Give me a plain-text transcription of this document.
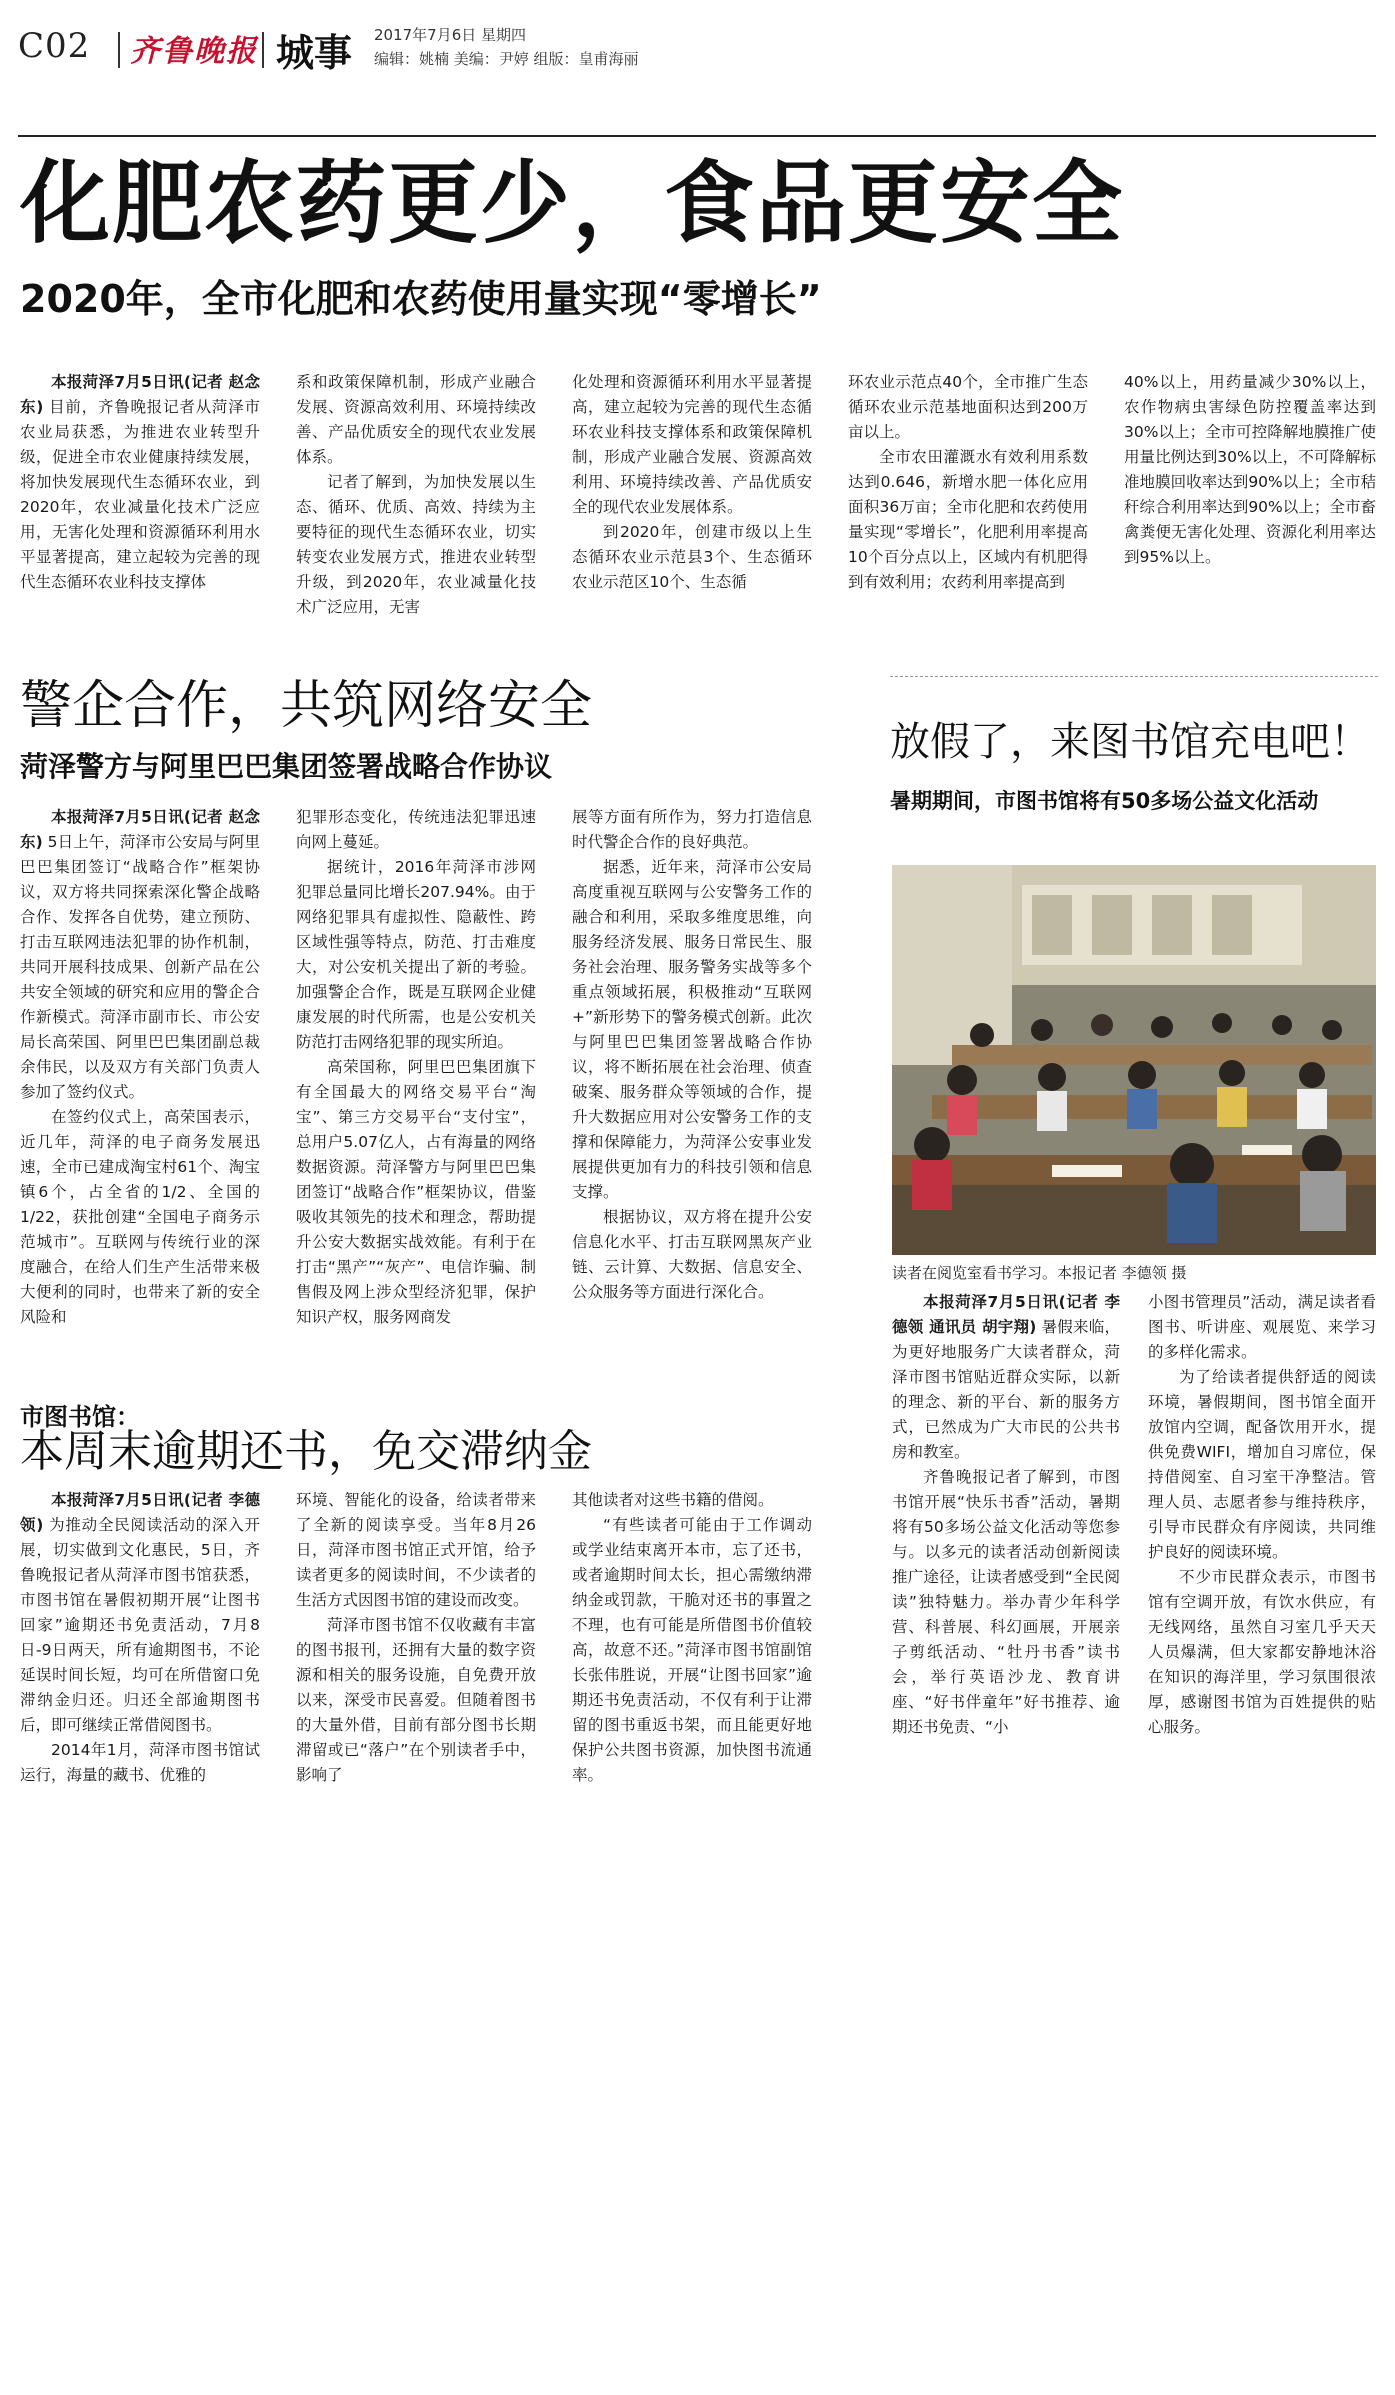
C02 齐鲁晚报 城事 2017年7月6日 星期四
编辑：姚楠 美编：尹婷 组版：皇甫海丽
化肥农药更少，食品更安全
2020年，全市化肥和农药使用量实现“零增长”

本报菏泽7月5日讯(记者 赵念东) 目前，齐鲁晚报记者从菏泽市农业局获悉，为推进农业转型升级，促进全市农业健康持续发展，将加快发展现代生态循环农业，到2020年，农业减量化技术广泛应用，无害化处理和资源循环利用水平显著提高，建立起较为完善的现代生态循环农业科技支撑体

系和政策保障机制，形成产业融合发展、资源高效利用、环境持续改善、产品优质安全的现代农业发展体系。

记者了解到，为加快发展以生态、循环、优质、高效、持续为主要特征的现代生态循环农业，切实转变农业发展方式，推进农业转型升级，到2020年，农业减量化技术广泛应用，无害

化处理和资源循环利用水平显著提高，建立起较为完善的现代生态循环农业科技支撑体系和政策保障机制，形成产业融合发展、资源高效利用、环境持续改善、产品优质安全的现代农业发展体系。

到2020年，创建市级以上生态循环农业示范县3个、生态循环农业示范区10个、生态循

环农业示范点40个，全市推广生态循环农业示范基地面积达到200万亩以上。

全市农田灌溉水有效利用系数达到0.646，新增水肥一体化应用面积36万亩；全市化肥和农药使用量实现“零增长”，化肥利用率提高10个百分点以上，区域内有机肥得到有效利用；农药利用率提高到

40%以上，用药量减少30%以上，农作物病虫害绿色防控覆盖率达到30%以上；全市可控降解地膜推广使用量比例达到30%以上，不可降解标准地膜回收率达到90%以上；全市秸秆综合利用率达到90%以上；全市畜禽粪便无害化处理、资源化利用率达到95%以上。

警企合作，共筑网络安全
菏泽警方与阿里巴巴集团签署战略合作协议

本报菏泽7月5日讯(记者 赵念东) 5日上午，菏泽市公安局与阿里巴巴集团签订“战略合作”框架协议，双方将共同探索深化警企战略合作、发挥各自优势，建立预防、打击互联网违法犯罪的协作机制，共同开展科技成果、创新产品在公共安全领域的研究和应用的警企合作新模式。菏泽市副市长、市公安局长高荣国、阿里巴巴集团副总裁余伟民，以及双方有关部门负责人参加了签约仪式。

在签约仪式上，高荣国表示，近几年，菏泽的电子商务发展迅速，全市已建成淘宝村61个、淘宝镇6个，占全省的1/2、全国的1/22，获批创建“全国电子商务示范城市”。互联网与传统行业的深度融合，在给人们生产生活带来极大便利的同时，也带来了新的安全风险和

犯罪形态变化，传统违法犯罪迅速向网上蔓延。

据统计，2016年菏泽市涉网犯罪总量同比增长207.94%。由于网络犯罪具有虚拟性、隐蔽性、跨区域性强等特点，防范、打击难度大，对公安机关提出了新的考验。加强警企合作，既是互联网企业健康发展的时代所需，也是公安机关防范打击网络犯罪的现实所迫。

高荣国称，阿里巴巴集团旗下有全国最大的网络交易平台“淘宝”、第三方交易平台“支付宝”，总用户5.07亿人，占有海量的网络数据资源。菏泽警方与阿里巴巴集团签订“战略合作”框架协议，借鉴吸收其领先的技术和理念，帮助提升公安大数据实战效能。有利于在打击“黑产”“灰产”、电信诈骗、制售假及网上涉众型经济犯罪，保护知识产权，服务网商发

展等方面有所作为，努力打造信息时代警企合作的良好典范。

据悉，近年来，菏泽市公安局高度重视互联网与公安警务工作的融合和利用，采取多维度思维，向服务经济发展、服务日常民生、服务社会治理、服务警务实战等多个重点领域拓展，积极推动“互联网+”新形势下的警务模式创新。此次与阿里巴巴集团签署战略合作协议，将不断拓展在社会治理、侦查破案、服务群众等领域的合作，提升大数据应用对公安警务工作的支撑和保障能力，为菏泽公安事业发展提供更加有力的科技引领和信息支撑。

根据协议，双方将在提升公安信息化水平、打击互联网黑灰产业链、云计算、大数据、信息安全、公众服务等方面进行深化合。

放假了，来图书馆充电吧！
暑期期间，市图书馆将有50多场公益文化活动
读者在阅览室看书学习。本报记者 李德领 摄

本报菏泽7月5日讯(记者 李德领 通讯员 胡宇翔) 暑假来临，为更好地服务广大读者群众，菏泽市图书馆贴近群众实际，以新的理念、新的平台、新的服务方式，已然成为广大市民的公共书房和教室。

齐鲁晚报记者了解到，市图书馆开展“快乐书香”活动，暑期将有50多场公益文化活动等您参与。以多元的读者活动创新阅读推广途径，让读者感受到“全民阅读”独特魅力。举办青少年科学营、科普展、科幻画展，开展亲子剪纸活动、“牡丹书香”读书会，举行英语沙龙、教育讲座、“好书伴童年”好书推荐、逾期还书免责、“小

小图书管理员”活动，满足读者看图书、听讲座、观展览、来学习的多样化需求。

为了给读者提供舒适的阅读环境，暑假期间，图书馆全面开放馆内空调，配备饮用开水，提供免费WIFI，增加自习席位，保持借阅室、自习室干净整洁。管理人员、志愿者参与维持秩序，引导市民群众有序阅读，共同维护良好的阅读环境。

不少市民群众表示，市图书馆有空调开放，有饮水供应，有无线网络，虽然自习室几乎天天人员爆满，但大家都安静地沐浴在知识的海洋里，学习氛围很浓厚，感谢图书馆为百姓提供的贴心服务。

市图书馆：
本周末逾期还书，免交滞纳金

本报菏泽7月5日讯(记者 李德领) 为推动全民阅读活动的深入开展，切实做到文化惠民，5日，齐鲁晚报记者从菏泽市图书馆获悉，市图书馆在暑假初期开展“让图书回家”逾期还书免责活动，7月8日-9日两天，所有逾期图书，不论延误时间长短，均可在所借窗口免滞纳金归还。归还全部逾期图书后，即可继续正常借阅图书。

2014年1月，菏泽市图书馆试运行，海量的藏书、优雅的

环境、智能化的设备，给读者带来了全新的阅读享受。当年8月26日，菏泽市图书馆正式开馆，给予读者更多的阅读时间，不少读者的生活方式因图书馆的建设而改变。

菏泽市图书馆不仅收藏有丰富的图书报刊，还拥有大量的数字资源和相关的服务设施，自免费开放以来，深受市民喜爱。但随着图书的大量外借，目前有部分图书长期滞留或已“落户”在个别读者手中，影响了

其他读者对这些书籍的借阅。

“有些读者可能由于工作调动或学业结束离开本市，忘了还书，或者逾期时间太长，担心需缴纳滞纳金或罚款，干脆对还书的事置之不理，也有可能是所借图书价值较高，故意不还。”菏泽市图书馆副馆长张伟胜说，开展“让图书回家”逾期还书免责活动，不仅有利于让滞留的图书重返书架，而且能更好地保护公共图书资源，加快图书流通率。
